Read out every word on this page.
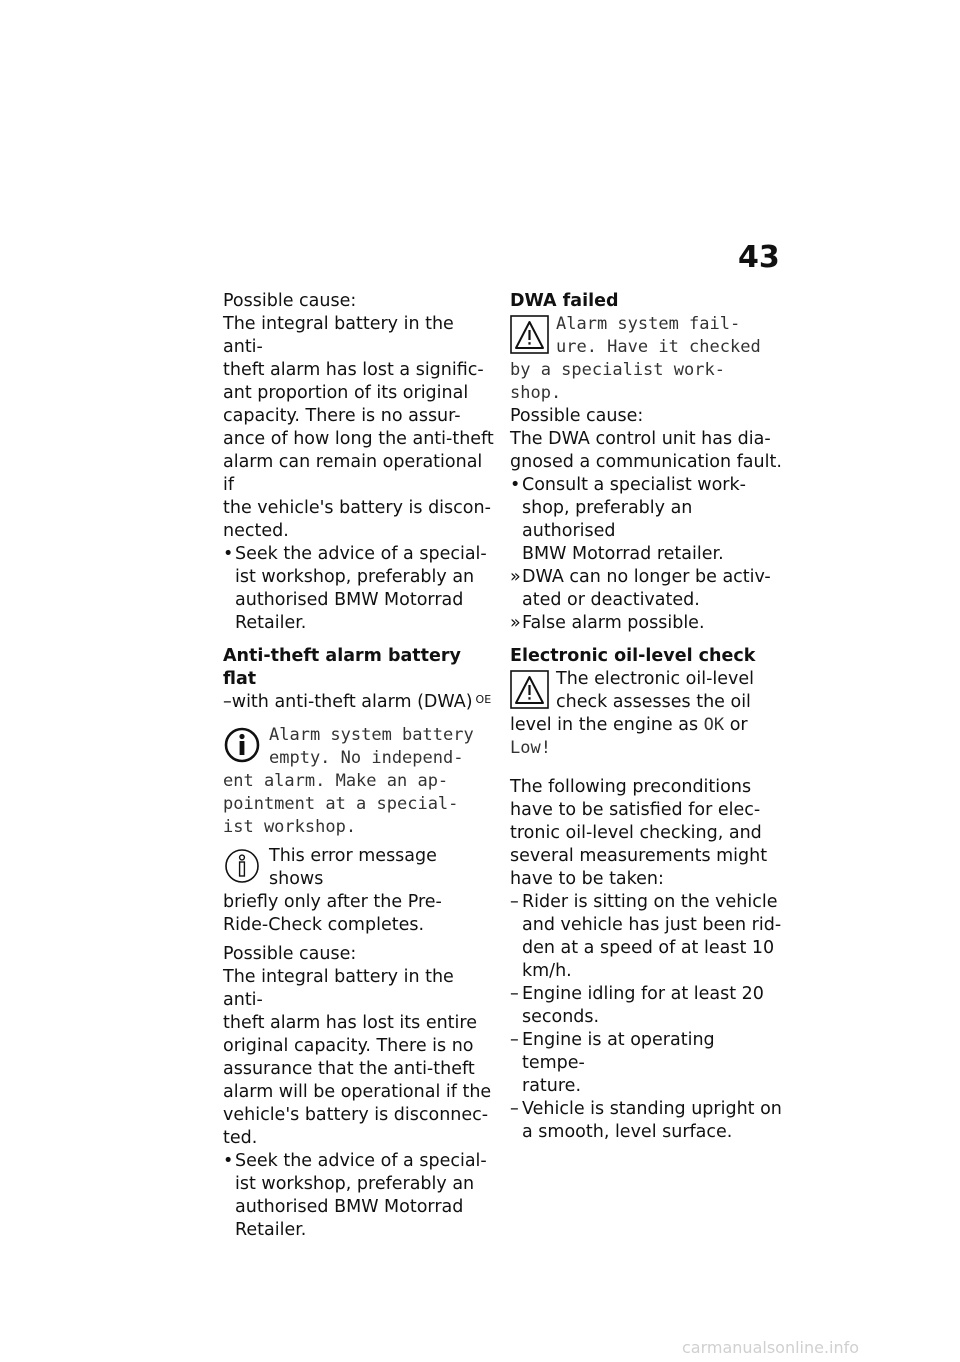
43

Possible cause:

The integral battery in the anti-
theft alarm has lost a signific-
ant proportion of its original
capacity. There is no assur-
ance of how long the anti-theft
alarm can remain operational if
the vehicle's battery is discon-
nected.
• Seek the advice of a special-
ist workshop, preferably an
authorised BMW Motorrad
Retailer.

Anti-theft alarm battery flat

–with anti-theft alarm (DWA) $^{OE}$

Alarm system battery
empty. No independ-
ent alarm. Make an ap-
pointment at a special-
ist workshop.
This error message shows
briefly only after the Pre-
Ride-Check completes.

Possible cause:

The integral battery in the anti-
theft alarm has lost its entire
original capacity. There is no
assurance that the anti-theft
alarm will be operational if the
vehicle's battery is disconnec-
ted.
• Seek the advice of a special-
ist workshop, preferably an
authorised BMW Motorrad
Retailer.

DWA failed

Alarm system fail-
ure. Have it checked
by a specialist work-
shop.

Possible cause:

The DWA control unit has dia-
gnosed a communication fault.
• Consult a specialist work-
shop, preferably an authorised
BMW Motorrad retailer.
» DWA can no longer be activ-
ated or deactivated.
» False alarm possible.

Electronic oil-level check

The electronic oil-level
check assesses the oil
level in the engine as OK or
Low!
The following preconditions
have to be satisfied for elec-
tronic oil-level checking, and
several measurements might
have to be taken:
– Rider is sitting on the vehicle
and vehicle has just been rid-
den at a speed of at least 10
km/h.
– Engine idling for at least 20
seconds.
– Engine is at operating tempe-
rature.
– Vehicle is standing upright on
a smooth, level surface.
carmanualsonline.info
